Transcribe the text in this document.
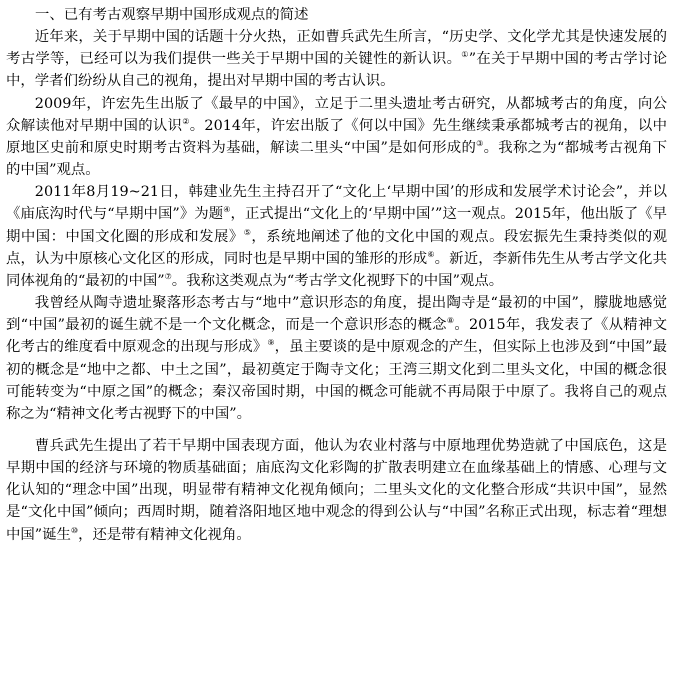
一、已有考古观察早期中国形成观点的简述

近年来，关于早期中国的话题十分火热，正如曹兵武先生所言，“历史学、文化学尤其是快速发展的考古学等，已经可以为我们提供一些关于早期中国的关键性的新认识。①”在关于早期中国的考古学讨论中，学者们纷纷从自己的视角，提出对早期中国的考古认识。

2009年，许宏先生出版了《最早的中国》，立足于二里头遗址考古研究，从都城考古的角度，向公众解读他对早期中国的认识②。2014年，许宏出版了《何以中国》先生继续秉承都城考古的视角，以中原地区史前和原史时期考古资料为基础，解读二里头“中国”是如何形成的③。我称之为“都城考古视角下的中国”观点。

2011年8月19~21日，韩建业先生主持召开了“文化上‘早期中国’的形成和发展学术讨论会”，并以《庙底沟时代与“早期中国”》为题④，正式提出“文化上的‘早期中国’”这一观点。2015年，他出版了《早期中国：中国文化圈的形成和发展》⑤，系统地阐述了他的文化中国的观点。段宏振先生秉持类似的观点，认为中原核心文化区的形成，同时也是早期中国的雏形的形成⑥。新近，李新伟先生从考古学文化共同体视角的“最初的中国”⑦。我称这类观点为“考古学文化视野下的中国”观点。

我曾经从陶寺遗址聚落形态考古与“地中”意识形态的角度，提出陶寺是“最初的中国”，朦胧地感觉到“中国”最初的诞生就不是一个文化概念，而是一个意识形态的概念⑧。2015年，我发表了《从精神文化考古的维度看中原观念的出现与形成》⑨，虽主要谈的是中原观念的产生，但实际上也涉及到“中国”最初的概念是“地中之都、中土之国”，最初奠定于陶寺文化；王湾三期文化到二里头文化，中国的概念很可能转变为“中原之国”的概念；秦汉帝国时期，中国的概念可能就不再局限于中原了。我将自己的观点称之为“精神文化考古视野下的中国”。

曹兵武先生提出了若干早期中国表现方面，他认为农业村落与中原地理优势造就了中国底色，这是早期中国的经济与环境的物质基础面；庙底沟文化彩陶的扩散表明建立在血缘基础上的情感、心理与文化认知的“理念中国”出现，明显带有精神文化视角倾向；二里头文化的文化整合形成“共识中国”，显然是“文化中国”倾向；西周时期，随着洛阳地区地中观念的得到公认与“中国”名称正式出现，标志着“理想中国”诞生⑩，还是带有精神文化视角。
